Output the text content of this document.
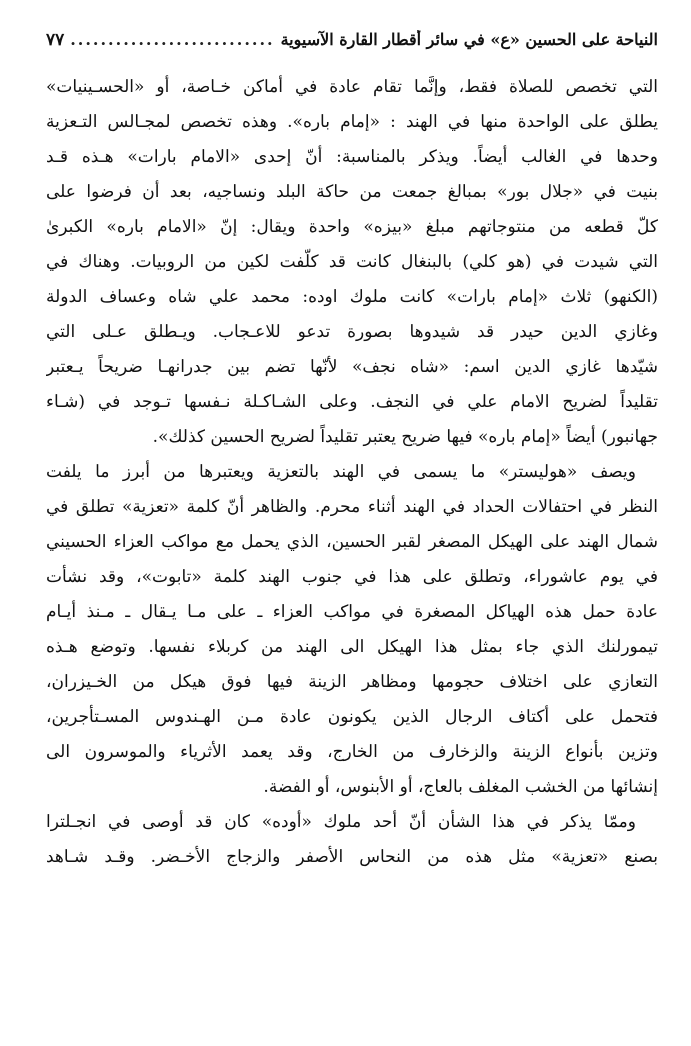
النياحة على الحسين «ع» في سائر أقطار القارة الآسيوية
.....
٧٧
التي تخصص للصلاة فقط، وإنَّما تقام عادة في أماكن خـاصة، أو «الحسـينيات»
يطلق على الواحدة منها في الهند : «إمام باره». وهذه تخصص لمجـالس التـعزية
وحدها في الغالب أيضاً. ويذكر بالمناسبة: أنّ إحدى «الامام بارات» هـذه قـد
بنيت في «جلال بور» بمبالغ جمعت من حاكة البلد ونساجيه، بعد أن فرضوا على
كلّ قطعه من منتوجاتهم مبلغ «بيزه» واحدة ويقال: إنّ «الامام باره» الكبرىٰ
التي شيدت في (هو كلي) بالبنغال كانت قد كلّفت لكين من الروبيات. وهناك في
(الكنهو) ثلاث «إمام بارات» كانت ملوك اوده: محمد علي شاه وعساف الدولة
وغازي الدين حيدر قد شيدوها بصورة تدعو للاعـجاب. ويـطلق عـلى التي
شيّدها غازي الدين اسم: «شاه نجف» لأنّها تضم بين جدرانهـا ضريحاً يـعتبر
تقليداً لضريح الامام علي في النجف. وعلى الشـاكـلة نـفسها تـوجد في (شـاء
جهانبور) أيضاً «إمام باره» فيها ضريح يعتبر تقليداً لضريح الحسين كذلك».
ويصف «هوليستر» ما يسمى في الهند بالتعزية ويعتبرها من أبرز ما يلفت
النظر في احتفالات الحداد في الهند أثناء محرم. والظاهر أنّ كلمة «تعزية» تطلق في
شمال الهند على الهيكل المصغر لقبر الحسين، الذي يحمل مع مواكب العزاء الحسيني
في يوم عاشوراء، وتطلق على هذا في جنوب الهند كلمة «تابوت»، وقد نشأت
عادة حمل هذه الهياكل المصغرة في مواكب العزاء ـ على مـا يـقال ـ مـنذ أيـام
تيمورلنك الذي جاء بمثل هذا الهيكل الى الهند من كربلاء نفسها. وتوضع هـذه
التعازي على اختلاف حجومها ومظاهر الزينة فيها فوق هيكل من الخـيزران،
فتحمل على أكتاف الرجال الذين يكونون عادة مـن الهـندوس المسـتأجرين،
وتزين بأنواع الزينة والزخارف من الخارج، وقد يعمد الأثرياء والموسرون الى
إنشائها من الخشب المغلف بالعاج، أو الأبنوس، أو الفضة.
وممّا يذكر في هذا الشأن أنّ أحد ملوك «أوده» كان قد أوصى في انجـلترا
بصنع «تعزية» مثل هذه من النحاس الأصفر والزجاج الأخـضر. وقـد شـاهد
